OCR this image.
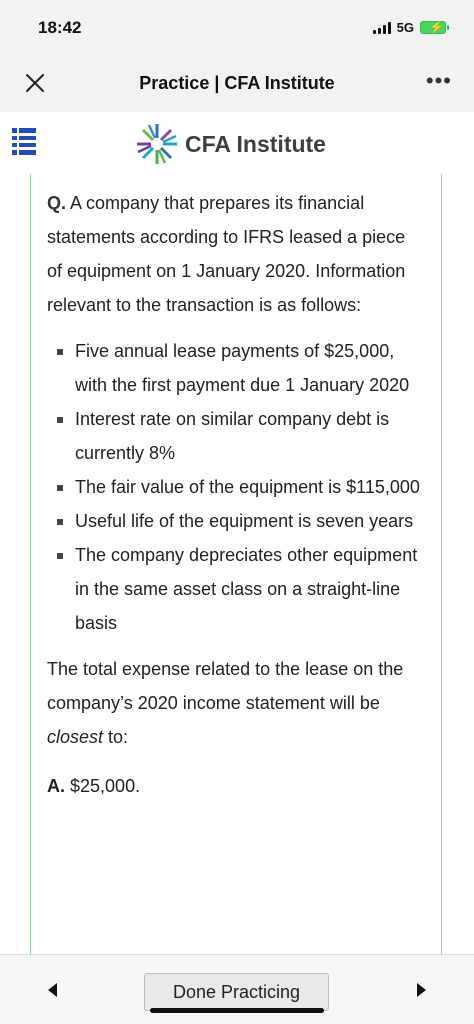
18:42	5G ⚡
Practice | CFA Institute	•••
CFA Institute

Q. A company that prepares its financial statements according to IFRS leased a piece of equipment on 1 January 2020. Information relevant to the transaction is as follows:

Five annual lease payments of $25,000, with the first payment due 1 January 2020
Interest rate on similar company debt is currently 8%
The fair value of the equipment is $115,000
Useful life of the equipment is seven years
The company depreciates other equipment in the same asset class on a straight-line basis

The total expense related to the lease on the company’s 2020 income statement will be closest to:

A. $25,000.
Done Practicing
